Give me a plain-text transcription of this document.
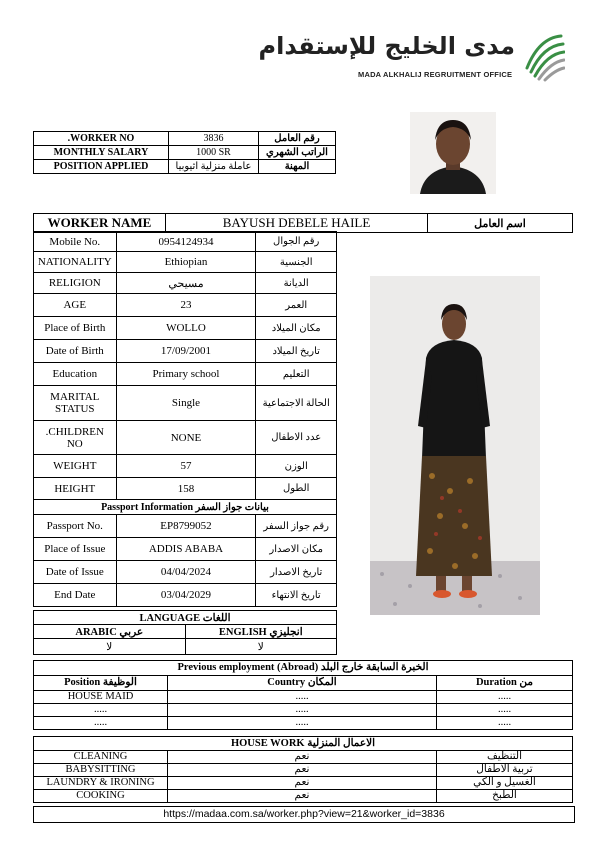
مدى الخليج للإستقدام
MADA ALKHALIJ REGRUITMENT OFFICE
.WORKER NO	3836	رقم العامل
MONTHLY SALARY	1000 SR	الراتب الشهري
POSITION APPLIED	عاملة منزلية اثيوبيا	المهنة
WORKER NAME	BAYUSH DEBELE HAILE	اسم العامل
Mobile No.	0954124934	رقم الجوال
NATIONALITY	Ethiopian	الجنسية
RELIGION	مسيحي	الديانة
AGE	23	العمر
Place of Birth	WOLLO	مكان الميلاد
Date of Birth	17/09/2001	تاريخ الميلاد
Education	Primary school	التعليم
MARITAL STATUS	Single	الحالة الاجتماعية
.CHILDREN NO	NONE	عدد الاطفال
WEIGHT	57	الوزن
HEIGHT	158	الطول
Passport Information بيانات جواز السفر		
Passport No.	EP8799052	رقم جواز السفر
Place of Issue	ADDIS ABABA	مكان الاصدار
Date of Issue	04/04/2024	تاريخ الاصدار
End Date	03/04/2029	تاريخ الانتهاء
LANGUAGE اللغات	
ARABIC عربي	ENGLISH انجليزي
لا	لا
Previous employment (Abroad) الخبرة السابقة خارج البلد		
Position الوظيفة	Country المكان	Duration من
HOUSE MAID	.....	.....
.....	.....	.....
.....	.....	.....
HOUSE WORK الاعمال المنزلية		
CLEANING	نعم	التنظيف
BABYSITTING	نعم	تربية الاطفال
LAUNDRY & IRONING	نعم	الغسيل و الكي
COOKING	نعم	الطبخ
https://madaa.com.sa/worker.php?view=21&worker_id=3836
